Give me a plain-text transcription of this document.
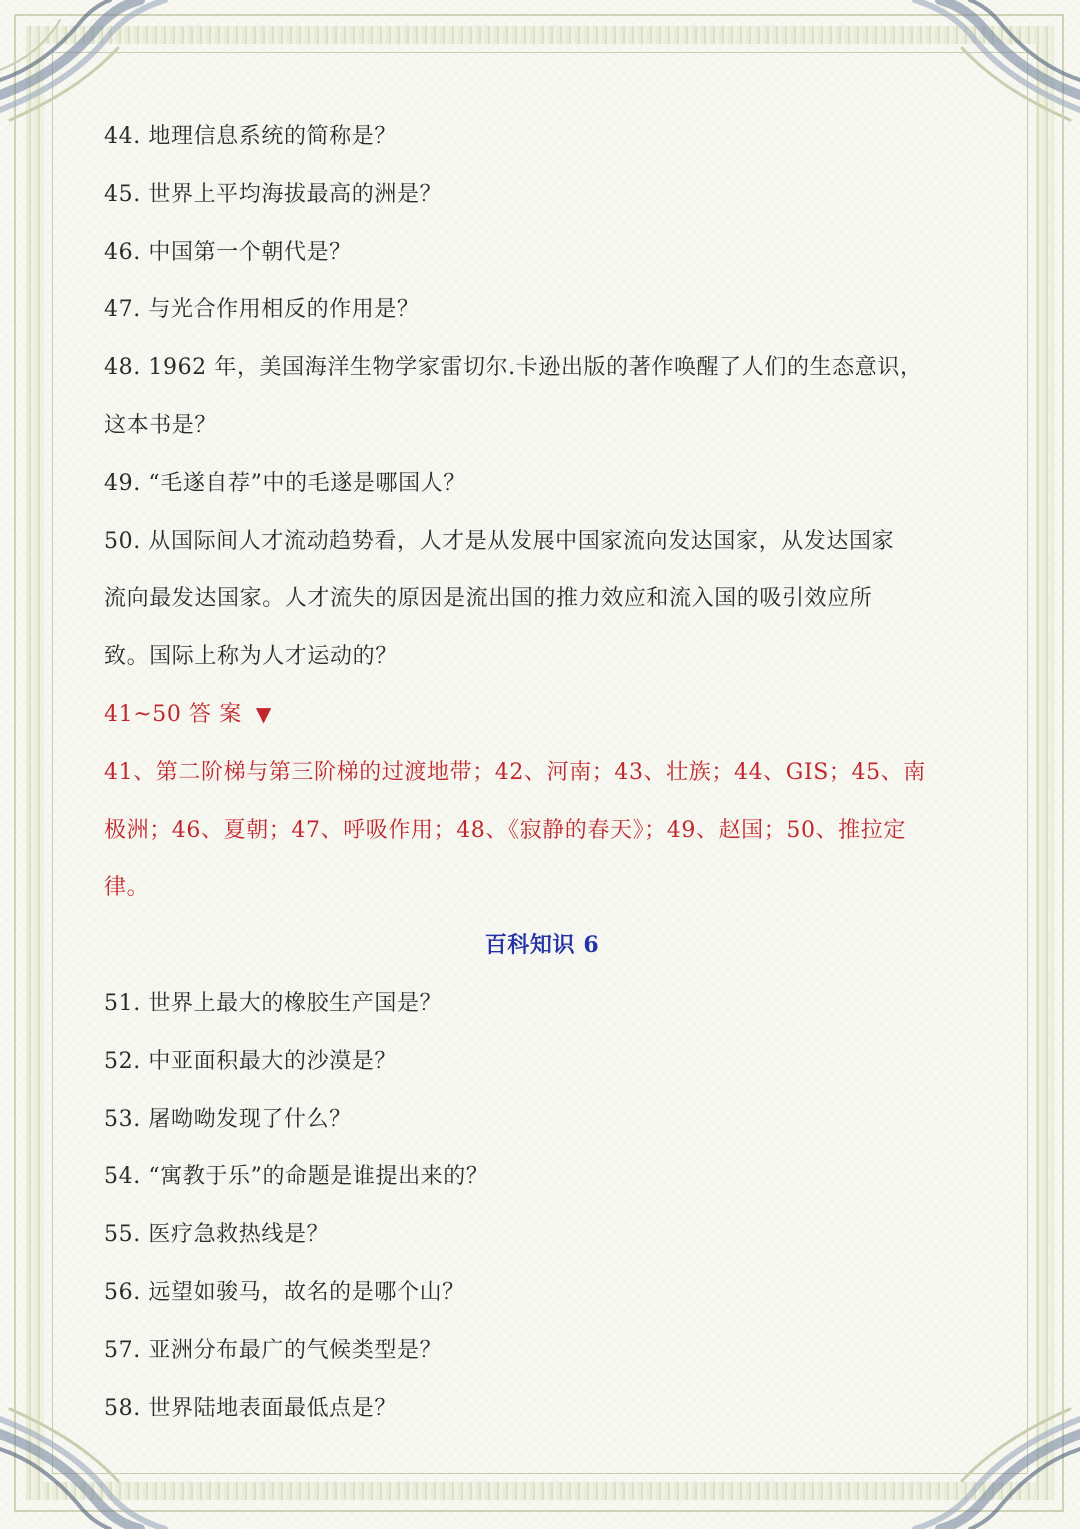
44. 地理信息系统的简称是？
45. 世界上平均海拔最高的洲是？
46. 中国第一个朝代是？
47. 与光合作用相反的作用是？
48. 1962 年，美国海洋生物学家雷切尔.卡逊出版的著作唤醒了人们的生态意识，
这本书是？
49. “毛遂自荐”中的毛遂是哪国人？
50. 从国际间人才流动趋势看，人才是从发展中国家流向发达国家，从发达国家
流向最发达国家。人才流失的原因是流出国的推力效应和流入国的吸引效应所
致。国际上称为人才运动的？
41~50 答 案 ▼
41、第二阶梯与第三阶梯的过渡地带；42、河南；43、壮族；44、GIS；45、南
极洲；46、夏朝；47、呼吸作用；48、《寂静的春天》；49、赵国；50、推拉定
律。
百科知识 6
51. 世界上最大的橡胶生产国是？
52. 中亚面积最大的沙漠是？
53. 屠呦呦发现了什么？
54. “寓教于乐”的命题是谁提出来的？
55. 医疗急救热线是？
56. 远望如骏马，故名的是哪个山？
57. 亚洲分布最广的气候类型是？
58. 世界陆地表面最低点是？
